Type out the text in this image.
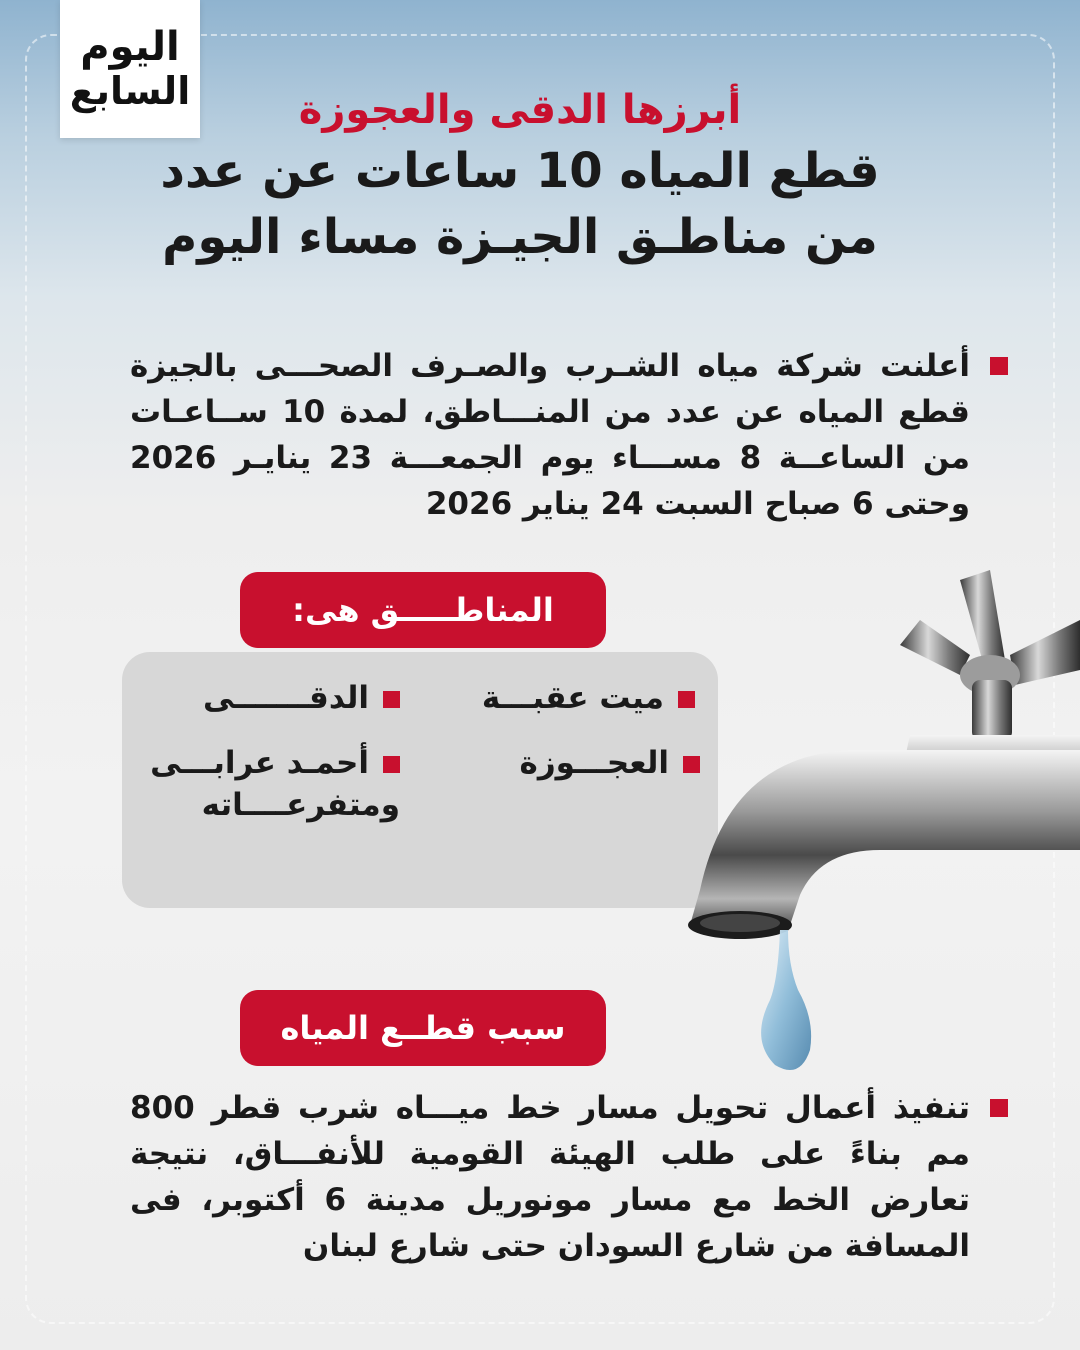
اليوم
السابع	أبرزها الدقى والعجوزة
قطع المياه 10 ساعات عن عدد
من مناطـق الجيـزة مساء اليوم
أعلنت شركة مياه الشـرب والصـرف الصحـــى بالجيزة قطع المياه عن عدد من المنـــاطق، لمدة 10 ســاعـات من الساعــة 8 مســـاء يوم الجمعـــة 23 ينايـر 2026 وحتى 6 صباح السبت 24 يناير 2026
المناطـــــق هى:
ميت عقبـــة
الدقـــــــى
العجـــوزة
أحمـد عرابـــى ومتفرعــــاته
سبب قطــع المياه
تنفيذ أعمال تحويل مسار خط ميـــاه شرب قطر 800 مم بناءً على طلب الهيئة القومية للأنفـــاق، نتيجة تعارض الخط مع مسار مونوريل مدينة 6 أكتوبر، فى المسافة من شارع السودان حتى شارع لبنان
